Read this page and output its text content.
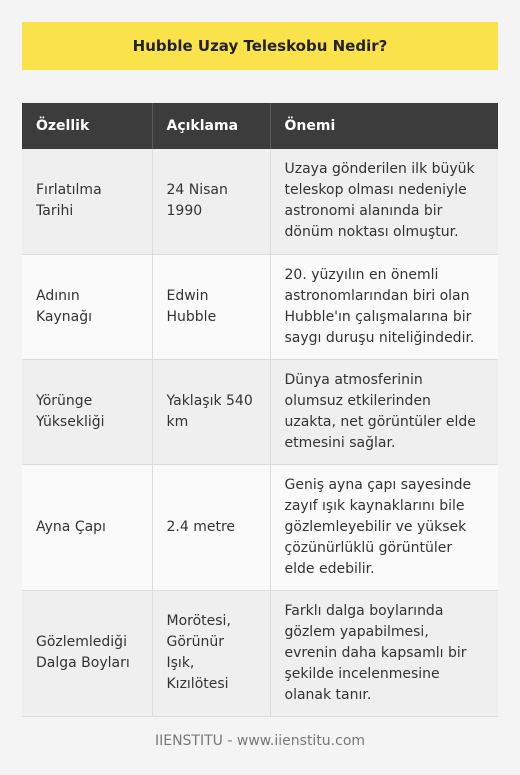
Hubble Uzay Teleskobu Nedir?
Özellik	Açıklama	Önemi
Fırlatılma Tarihi	24 Nisan 1990	Uzaya gönderilen ilk büyük teleskop olması nedeniyle astronomi alanında bir dönüm noktası olmuştur.
Adının Kaynağı	Edwin Hubble	20. yüzyılın en önemli astronomlarından biri olan Hubble'ın çalışmalarına bir saygı duruşu niteliğindedir.
Yörünge Yüksekliği	Yaklaşık 540 km	Dünya atmosferinin olumsuz etkilerinden uzakta, net görüntüler elde etmesini sağlar.
Ayna Çapı	2.4 metre	Geniş ayna çapı sayesinde zayıf ışık kaynaklarını bile gözlemleyebilir ve yüksek çözünürlüklü görüntüler elde edebilir.
Gözlemlediği Dalga Boyları	Morötesi, Görünür Işık, Kızılötesi	Farklı dalga boylarında gözlem yapabilmesi, evrenin daha kapsamlı bir şekilde incelenmesine olanak tanır.
IIENSTITU - www.iienstitu.com
